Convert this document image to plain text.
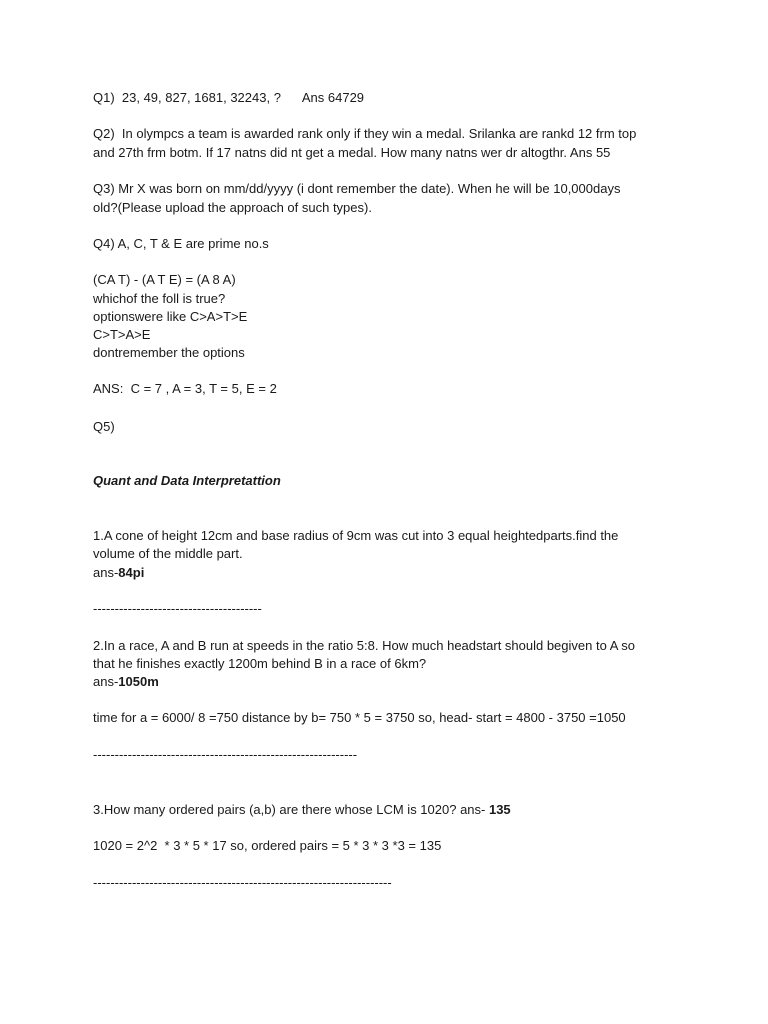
Q1)  23, 49, 827, 1681, 32243, ?      Ans 64729
Q2)  In olympcs a team is awarded rank only if they win a medal. Srilanka are rankd 12 frm top
and 27th frm botm. If 17 natns did nt get a medal. How many natns wer dr altogthr. Ans 55
Q3) Mr X was born on mm/dd/yyyy (i dont remember the date). When he will be 10,000days
old?(Please upload the approach of such types).
Q4) A, C, T & E are prime no.s
(CA T) - (A T E) = (A 8 A)
whichof the foll is true?
optionswere like C>A>T>E
C>T>A>E
dontremember the options
ANS:  C = 7 , A = 3, T = 5, E = 2
Q5)
Quant and Data Interpretattion
1.A cone of height 12cm and base radius of 9cm was cut into 3 equal heightedparts.find the
volume of the middle part.
ans-84pi
---------------------------------------
2.In a race, A and B run at speeds in the ratio 5:8. How much headstart should begiven to A so
that he finishes exactly 1200m behind B in a race of 6km?
ans-1050m
time for a = 6000/ 8 =750 distance by b= 750 * 5 = 3750 so, head- start = 4800 - 3750 =1050
-------------------------------------------------------------
3.How many ordered pairs (a,b) are there whose LCM is 1020? ans- 135
1020 = 2^2  * 3 * 5 * 17 so, ordered pairs = 5 * 3 * 3 *3 = 135
---------------------------------------------------------------------
